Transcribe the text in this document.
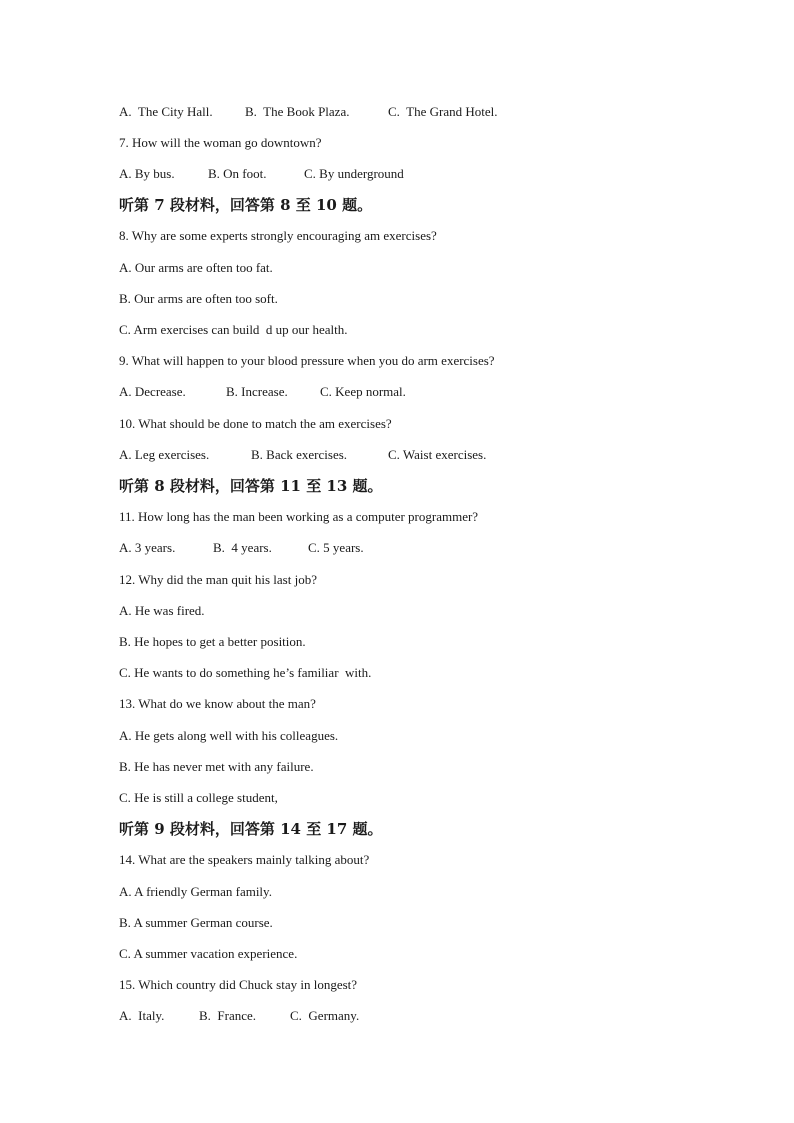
A.  The City Hall.

B.  The Book Plaza.

	C.  The Grand Hotel.

7. How will the woman go downtown?

A. By bus.

	B. On foot.

	C. By underground

听第 7 段材料，回答第 8 至 10 题。
8. Why are some experts strongly encouraging am exercises?
A. Our arms are often too fat.
B. Our arms are often too soft.
C. Arm exercises can build  d up our health.
9. What will happen to your blood pressure when you do arm exercises?

A. Decrease.

	B. Increase.

C. Keep normal.

10. What should be done to match the am exercises?

A. Leg exercises.

	B. Back exercises.

	C. Waist exercises.

听第 8 段材料，回答第 11 至 13 题。
11. How long has the man been working as a computer programmer?

A. 3 years.

	B.  4 years.

	C. 5 years.

12. Why did the man quit his last job?
A. He was fired.
B. He hopes to get a better position.
C. He wants to do something he’s familiar  with.
13. What do we know about the man?
A. He gets along well with his colleagues.
B. He has never met with any failure.
C. He is still a college student,
听第 9 段材料，回答第 14 至 17 题。
14. What are the speakers mainly talking about?
A. A friendly German family.
B. A summer German course.
C. A summer vacation experience.
15. Which country did Chuck stay in longest?

A.  Italy.

	B.  France.

	C.  Germany.
